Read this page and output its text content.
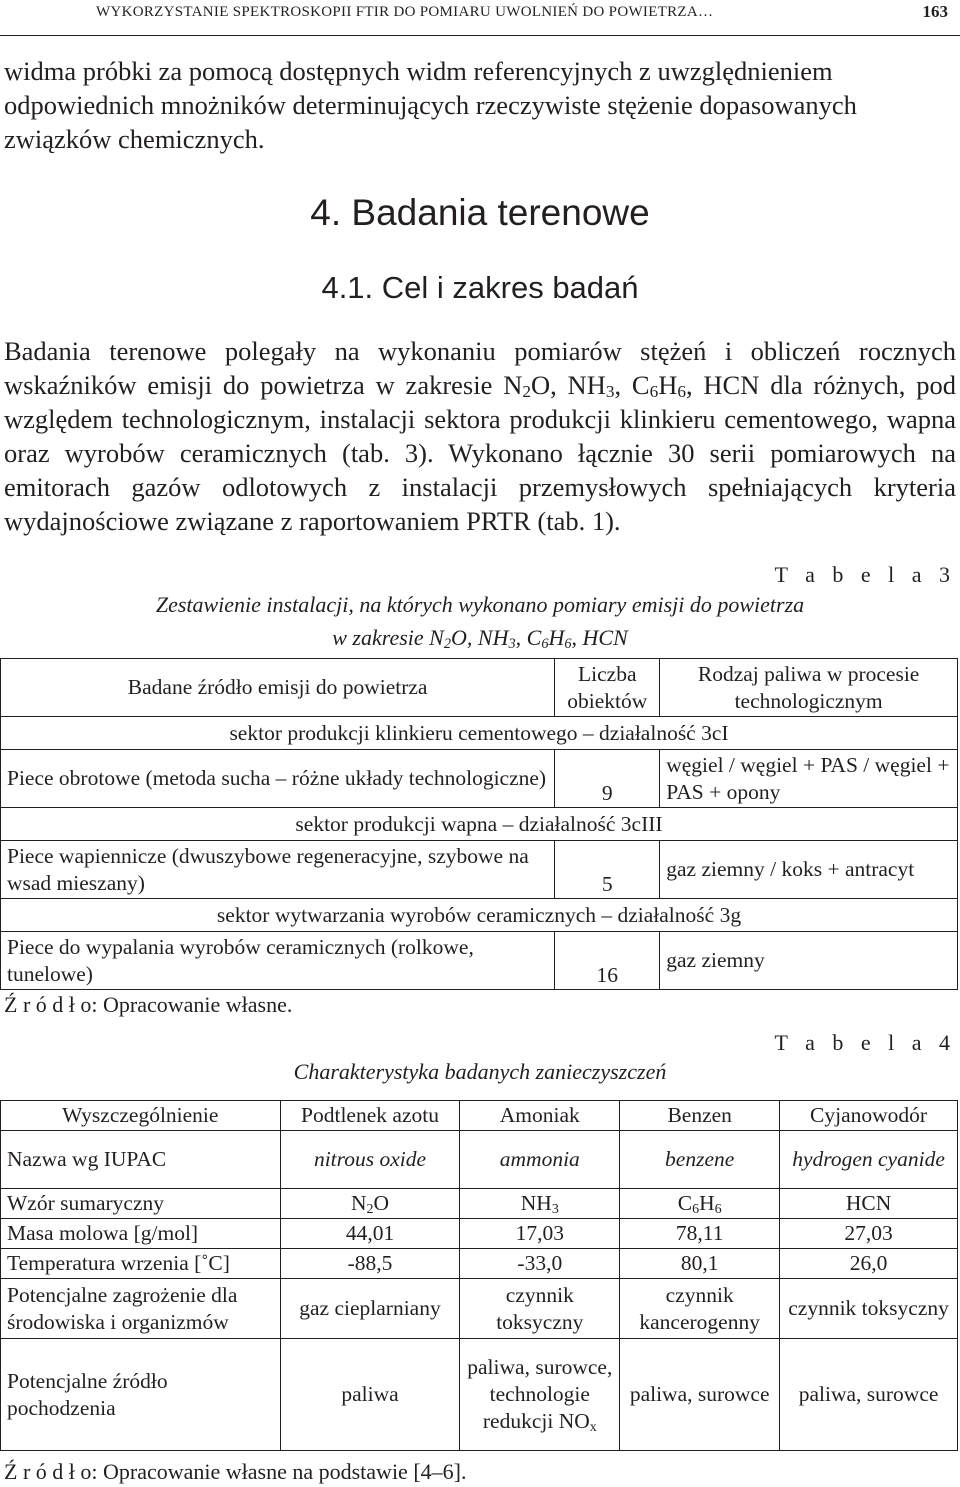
WYKORZYSTANIE SPEKTROSKOPII FTIR DO POMIARU UWOLNIEŃ DO POWIETRZA…	163

widma próbki za pomocą dostępnych widm referencyjnych z uwzględnieniem odpowiednich mnożników determinujących rzeczywiste stężenie dopasowanych związków chemicznych.

4. Badania terenowe
4.1. Cel i zakres badań

Badania terenowe polegały na wykonaniu pomiarów stężeń i obliczeń rocznych wskaźników emisji do powietrza w zakresie $N_2O$, $NH_3$, $C_6H_6$, HCN dla różnych, pod względem technologicznym, instalacji sektora produkcji klinkieru cementowego, wapna oraz wyrobów ceramicznych (tab. 3). Wykonano łącznie 30 serii pomiarowych na emitorach gazów odlotowych z instalacji przemysłowych spełniających kryteria wydajnościowe związane z raportowaniem PRTR (tab. 1).

T a b e l a 3
Zestawienie instalacji, na których wykonano pomiary emisji do powietrza
w zakresie $N_2O$, $NH_3$, $C_6H_6$, HCN
Badane źródło emisji do powietrza	Liczba obiektów	Rodzaj paliwa w procesie technologicznym
sektor produkcji klinkieru cementowego – działalność 3cI		
Piece obrotowe (metoda sucha – różne układy technologiczne)	9	węgiel / węgiel + PAS / węgiel + PAS + opony
sektor produkcji wapna – działalność 3cIII		
Piece wapiennicze (dwuszybowe regeneracyjne, szybowe na wsad mieszany)	5	gaz ziemny / koks + antracyt
sektor wytwarzania wyrobów ceramicznych – działalność 3g		
Piece do wypalania wyrobów ceramicznych (rolkowe, tunelowe)	16	gaz ziemny
Ź r ó d ł o: Opracowanie własne.
T a b e l a 4
Charakterystyka badanych zanieczyszczeń
Wyszczególnienie	Podtlenek azotu	Amoniak	Benzen	Cyjanowodór
Nazwa wg IUPAC	nitrous oxide	ammonia	benzene	hydrogen cyanide
Wzór sumaryczny	$N_2O$	$NH_3$	$C_6H_6$	HCN
Masa molowa [g/mol]	44,01	17,03	78,11	27,03
Temperatura wrzenia [˚C]	-88,5	-33,0	80,1	26,0
Potencjalne zagrożenie dla środowiska i organizmów	gaz cieplarniany	czynnik toksyczny	czynnik kancerogenny	czynnik toksyczny
Potencjalne źródło pochodzenia	paliwa	paliwa, surowce, technologie redukcji $NO_x$	paliwa, surowce	paliwa, surowce
Ź r ó d ł o: Opracowanie własne na podstawie [4–6].
